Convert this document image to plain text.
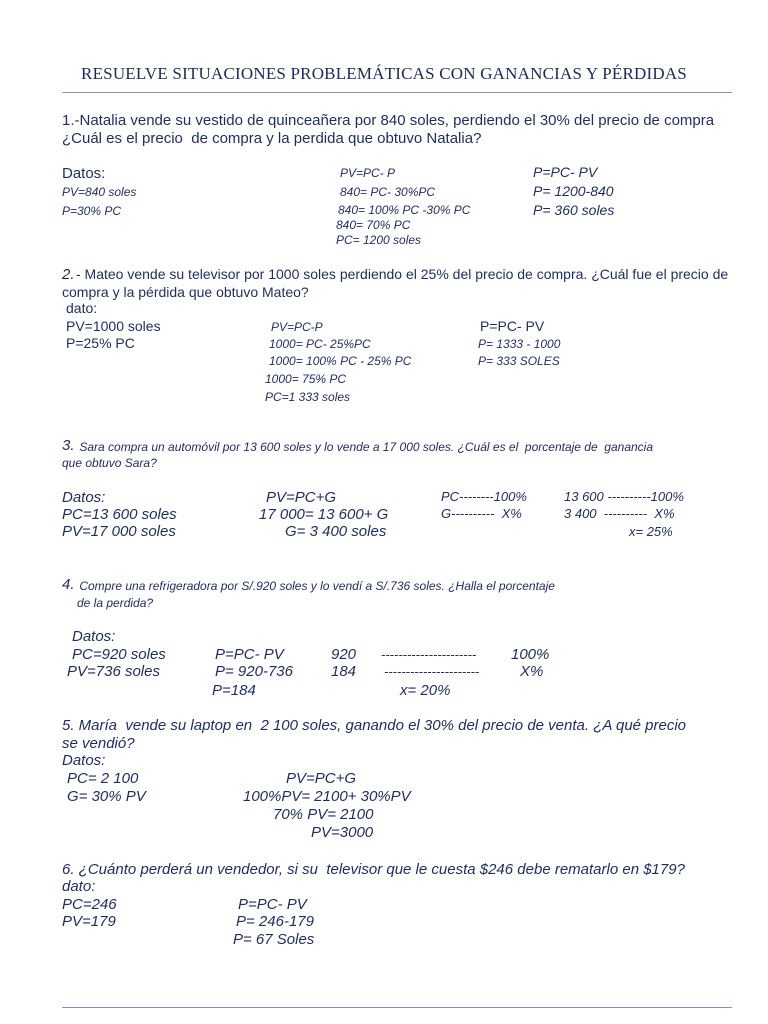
RESUELVE SITUACIONES PROBLEMÁTICAS CON GANANCIAS Y PÉRDIDAS
1.-Natalia vende su vestido de quinceañera por 840 soles, perdiendo el 30% del precio de compra
¿Cuál es el precio  de compra y la perdida que obtuvo Natalia?
Datos:
PV=840 soles
P=30% PC
PV=PC- P
840= PC- 30%PC
840= 100% PC -30% PC
840= 70% PC
PC= 1200 soles
P=PC- PV
P= 1200-840
P= 360 soles
2. - Mateo vende su televisor por 1000 soles perdiendo el 25% del precio de compra. ¿Cuál fue el precio de
compra y la pérdida que obtuvo Mateo?
dato:
PV=1000 soles
P=25% PC
PV=PC-P
1000= PC- 25%PC
1000= 100% PC - 25% PC
1000= 75% PC
PC=1 333 soles
P=PC- PV
P= 1333 - 1000
P= 333 SOLES
3. Sara compra un automóvil por 13 600 soles y lo vende a 17 000 soles. ¿Cuál es el  porcentaje de  ganancia
que obtuvo Sara?
Datos:
PC=13 600 soles
PV=17 000 soles
PV=PC+G
17 000= 13 600+ G
G= 3 400 soles
PC--------100%
G----------  X%
13 600 ----------100%
3 400  ----------  X%
x= 25%
4. Compre una refrigeradora por S/.920 soles y lo vendí a S/.736 soles. ¿Halla el porcentaje
de la perdida?
Datos:
PC=920 soles
PV=736 soles
P=PC- PV
P= 920-736
P=184
920
184
----------------------
----------------------
100%
X%
x= 20%
5. María  vende su laptop en  2 100 soles, ganando el 30% del precio de venta. ¿A qué precio
se vendió?
Datos:
PC= 2 100
G= 30% PV
PV=PC+G
100%PV= 2100+ 30%PV
70% PV= 2100
PV=3000
6. ¿Cuánto perderá un vendedor, si su  televisor que le cuesta $246 debe rematarlo en $179?
dato:
PC=246
PV=179
P=PC- PV
P= 246-179
P= 67 Soles
